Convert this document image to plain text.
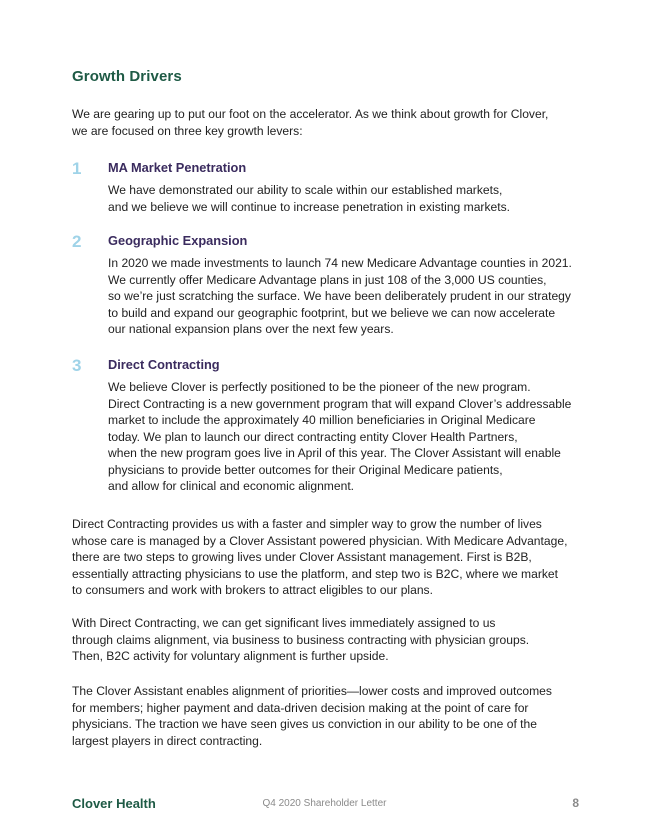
Growth Drivers
We are gearing up to put our foot on the accelerator. As we think about growth for Clover,
we are focused on three key growth levers:
1 MA Market Penetration
We have demonstrated our ability to scale within our established markets,
and we believe we will continue to increase penetration in existing markets.
2 Geographic Expansion
In 2020 we made investments to launch 74 new Medicare Advantage counties in 2021.
We currently offer Medicare Advantage plans in just 108 of the 3,000 US counties,
so we’re just scratching the surface. We have been deliberately prudent in our strategy
to build and expand our geographic footprint, but we believe we can now accelerate
our national expansion plans over the next few years.
3 Direct Contracting
We believe Clover is perfectly positioned to be the pioneer of the new program.
Direct Contracting is a new government program that will expand Clover’s addressable
market to include the approximately 40 million beneficiaries in Original Medicare
today. We plan to launch our direct contracting entity Clover Health Partners,
when the new program goes live in April of this year. The Clover Assistant will enable
physicians to provide better outcomes for their Original Medicare patients,
and allow for clinical and economic alignment.
Direct Contracting provides us with a faster and simpler way to grow the number of lives
whose care is managed by a Clover Assistant powered physician. With Medicare Advantage,
there are two steps to growing lives under Clover Assistant management. First is B2B,
essentially attracting physicians to use the platform, and step two is B2C, where we market
to consumers and work with brokers to attract eligibles to our plans.
With Direct Contracting, we can get significant lives immediately assigned to us
through claims alignment, via business to business contracting with physician groups.
Then, B2C activity for voluntary alignment is further upside.
The Clover Assistant enables alignment of priorities—lower costs and improved outcomes
for members; higher payment and data-driven decision making at the point of care for
physicians. The traction we have seen gives us conviction in our ability to be one of the
largest players in direct contracting.
Clover Health	Q4 2020 Shareholder Letter	8
